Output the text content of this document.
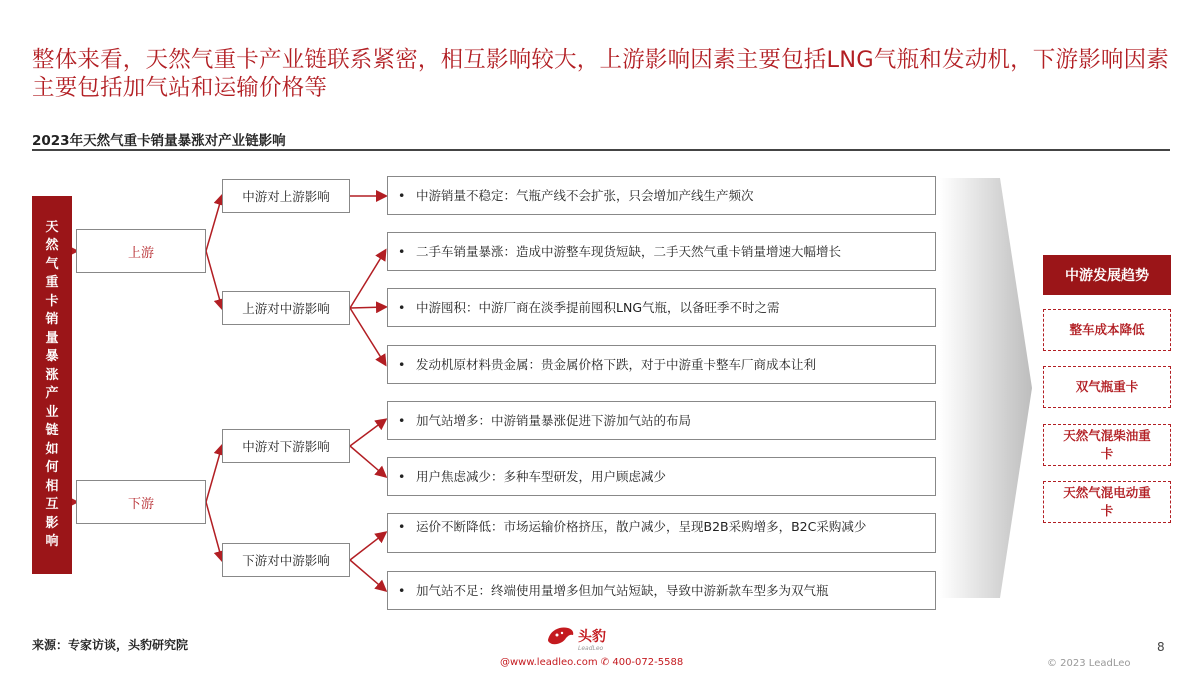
整体来看，天然气重卡产业链联系紧密，相互影响较大，上游影响因素主要包括LNG气瓶和发动机，下游影响因素主要包括加气站和运输价格等
2023年天然气重卡销量暴涨对产业链影响
天然气重卡销量暴涨产业链如何相互影响
上游
下游
中游对上游影响
上游对中游影响
中游对下游影响
下游对中游影响
• 中游销量不稳定：气瓶产线不会扩张，只会增加产线生产频次
• 二手车销量暴涨：造成中游整车现货短缺，二手天然气重卡销量增速大幅增长
• 中游囤积：中游厂商在淡季提前囤积LNG气瓶，以备旺季不时之需
• 发动机原材料贵金属：贵金属价格下跌，对于中游重卡整车厂商成本让利
• 加气站增多：中游销量暴涨促进下游加气站的布局
• 用户焦虑减少：多种车型研发，用户顾虑减少
• 运价不断降低：市场运输价格挤压，散户减少，呈现B2B采购增多，B2C采购减少
• 加气站不足：终端使用量增多但加气站短缺，导致中游新款车型多为双气瓶
中游发展趋势
整车成本降低
双气瓶重卡
天然气混柴油重卡
天然气混电动重卡
来源：专家访谈，头豹研究院	头豹
LeadLeo
@www.leadleo.com ✆ 400-072-5588
8
© 2023 LeadLeo
